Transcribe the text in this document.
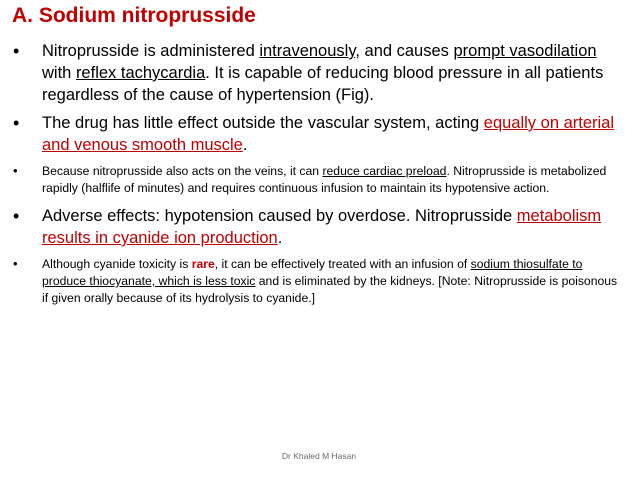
A. Sodium nitroprusside
• Nitroprusside is administered intravenously, and causes prompt vasodilation with reflex tachycardia. It is capable of reducing blood pressure in all patients regardless of the cause of hypertension (Fig).
• The drug has little effect outside the vascular system, acting equally on arterial and venous smooth muscle.
• Because nitroprusside also acts on the veins, it can reduce cardiac preload. Nitroprusside is metabolized rapidly (halflife of minutes) and requires continuous infusion to maintain its hypotensive action.
• Adverse effects: hypotension caused by overdose. Nitroprusside metabolism results in cyanide ion production.
• Although cyanide toxicity is rare, it can be effectively treated with an infusion of sodium thiosulfate to produce thiocyanate, which is less toxic and is eliminated by the kidneys. [Note: Nitroprusside is poisonous if given orally because of its hydrolysis to cyanide.]
Dr Khaled M Hasan
